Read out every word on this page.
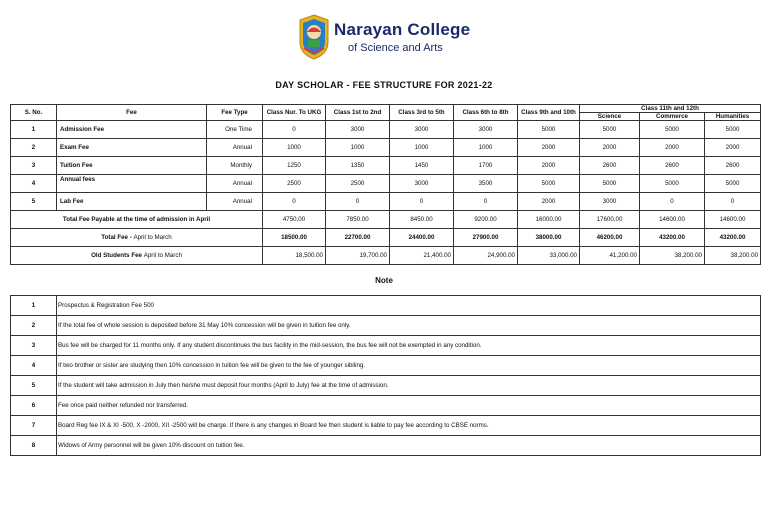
Narayan College
of Science and Arts
DAY SCHOLAR - FEE STRUCTURE FOR 2021-22
S. No.	Fee	Fee Type	Class Nur. To UKG	Class 1st to 2nd	Class 3rd to 5th	Class 6th to 8th	Class 9th and 10th	Class 11th and 12th		
								Science	Commerce	Humanities
1	Admission Fee	One Time	0	3000	3000	3000	5000	5000	5000	5000
2	Exam Fee	Annual	1000	1000	1000	1000	2000	2000	2000	2000
3	Tuition Fee	Monthly	1250	1350	1450	1700	2000	2600	2600	2600
4	Annual fees	Annual	2500	2500	3000	3500	5000	5000	5000	5000
5	Lab Fee	Annual	0	0	0	0	2000	3000	0	0
Total Fee Payable at the time of admission in April			4750.00	7850.00	8450.00	9200.00	16000.00	17600.00	14600.00	14600.00
Total Fee - April to March			18500.00	22700.00	24400.00	27900.00	38000.00	46200.00	43200.00	43200.00
Old Students Fee April to March			18,500.00	19,700.00	21,400.00	24,900.00	33,000.00	41,200.00	38,200.00	38,200.00
Note
1	Prospectus & Registration Fee 500
2	If the total fee of whole session is deposited before 31 May 10% concession will be given in tuition fee only.
3	Bus fee will be charged for 11 months only. If any student discontinues the bus facility in the mid-session, the bus fee will not be exempted in any condition.
4	If two brother or sister are studying then 10% concession in tuition fee will be given to the fee of younger sibiling.
5	If the student will take admission in July then he/she must deposit four months (April to July) fee at the time of admission.
6	Fee once paid neither refunded nor transferred.
7	Board Reg fee IX & XI -500, X -2000, XII -2500 will be charge. If there is any changes in Board fee then student is liable to pay fee according to CBSE norms.
8	Widows of Army personnel will be given 10% discount on tuition fee.
